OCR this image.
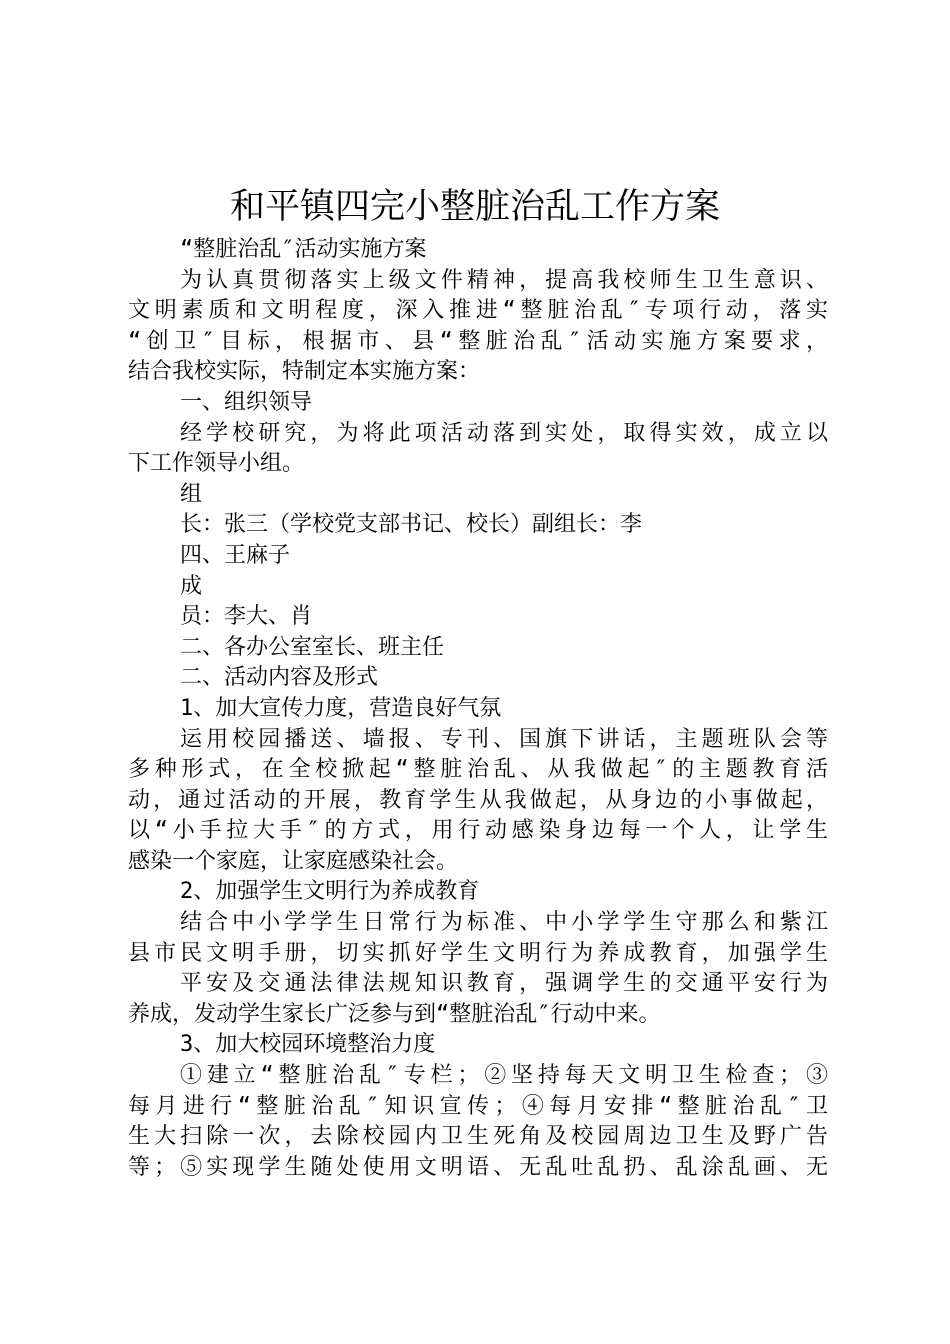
和平镇四完小整脏治乱工作方案
“整脏治乱″活动实施方案
为认真贯彻落实上级文件精神，提高我校师生卫生意识、
文明素质和文明程度，深入推进“整脏治乱″专项行动，落实
“创卫″目标，根据市、县“整脏治乱″活动实施方案要求，
结合我校实际，特制定本实施方案：
一、组织领导
经学校研究，为将此项活动落到实处，取得实效，成立以
下工作领导小组。
组
长：张三（学校党支部书记、校长）副组长：李
四、王麻子
成
员：李大、肖
二、各办公室室长、班主任
二、活动内容及形式
1、加大宣传力度，营造良好气氛
运用校园播送、墙报、专刊、国旗下讲话，主题班队会等
多种形式，在全校掀起“整脏治乱、从我做起″的主题教育活
动，通过活动的开展，教育学生从我做起，从身边的小事做起，
以“小手拉大手″的方式，用行动感染身边每一个人，让学生
感染一个家庭，让家庭感染社会。
2、加强学生文明行为养成教育
结合中小学学生日常行为标准、中小学学生守那么和紫江
县市民文明手册，切实抓好学生文明行为养成教育，加强学生
平安及交通法律法规知识教育，强调学生的交通平安行为
养成，发动学生家长广泛参与到“整脏治乱″行动中来。
3、加大校园环境整治力度
①建立“整脏治乱″专栏；②坚持每天文明卫生检查；③
每月进行“整脏治乱″知识宣传；④每月安排“整脏治乱″卫
生大扫除一次，去除校园内卫生死角及校园周边卫生及野广告
等；⑤实现学生随处使用文明语、无乱吐乱扔、乱涂乱画、无
